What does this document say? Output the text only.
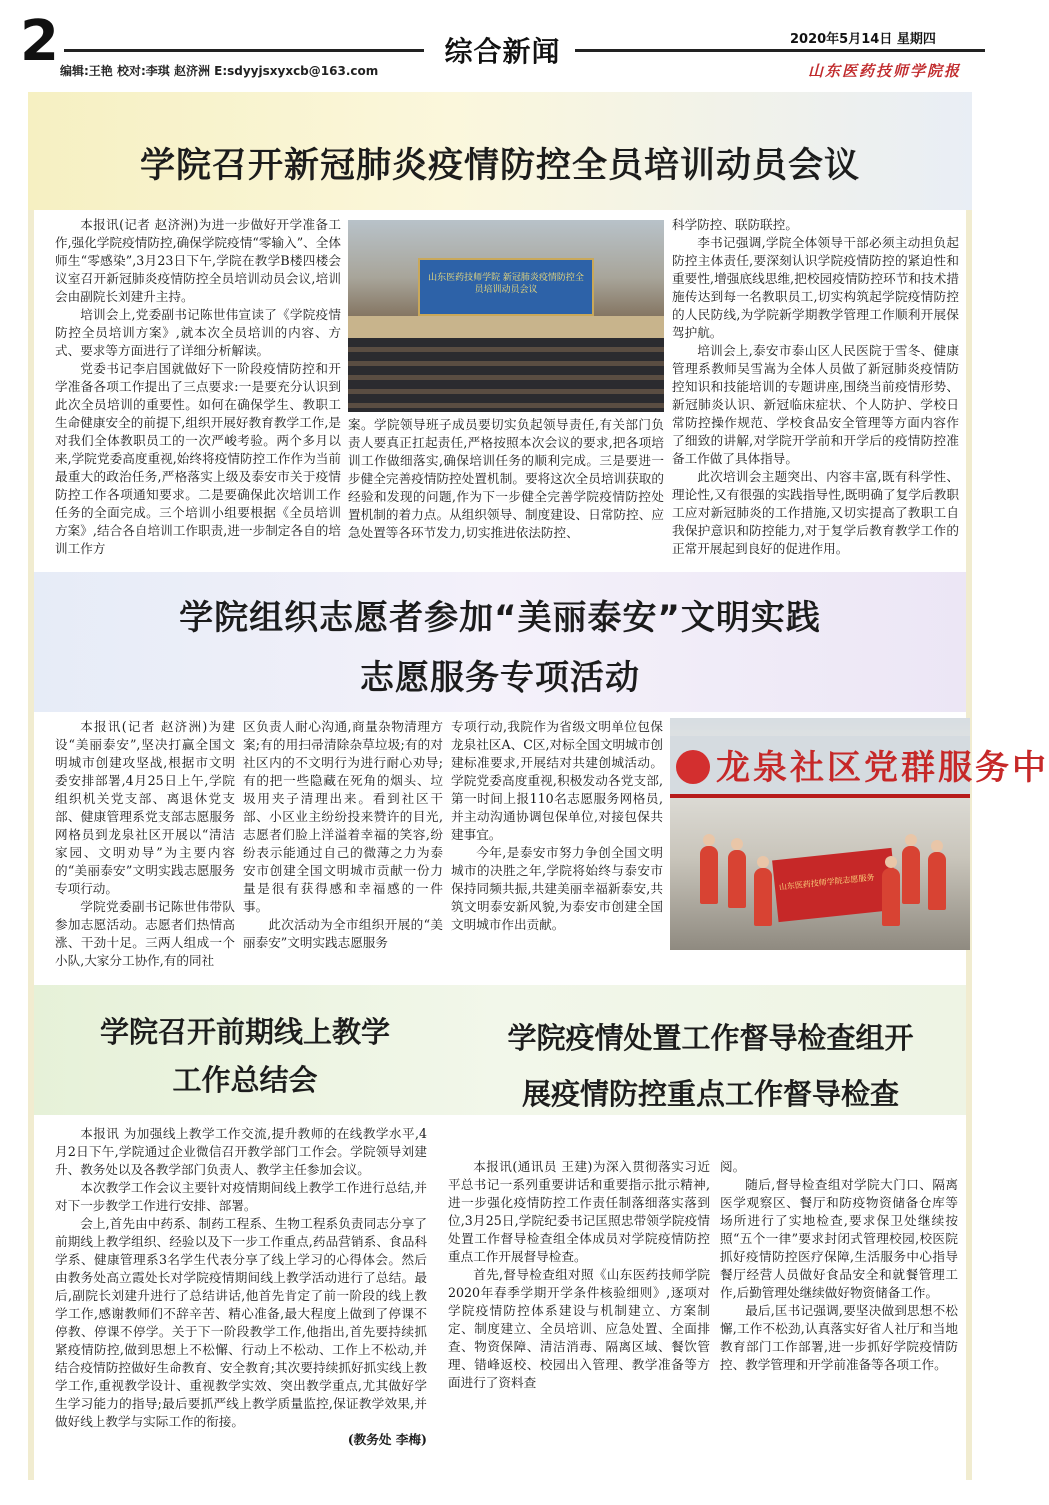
2	综合新闻
编辑:王艳 校对:李琪 赵济洲 E:sdyyjsxyxcb@163.com
2020年5月14日 星期四
山东医药技师学院报
学院召开新冠肺炎疫情防控全员培训动员会议

本报讯(记者 赵济洲)为进一步做好开学准备工作,强化学院疫情防控,确保学院疫情“零输入”、全体师生“零感染”,3月23日下午,学院在教学B楼四楼会议室召开新冠肺炎疫情防控全员培训动员会议,培训会由副院长刘建升主持。

培训会上,党委副书记陈世伟宣读了《学院疫情防控全员培训方案》,就本次全员培训的内容、方式、要求等方面进行了详细分析解读。

党委书记李启国就做好下一阶段疫情防控和开学准备各项工作提出了三点要求:一是要充分认识到此次全员培训的重要性。如何在确保学生、教职工生命健康安全的前提下,组织开展好教育教学工作,是对我们全体教职员工的一次严峻考验。两个多月以来,学院党委高度重视,始终将疫情防控工作作为当前最重大的政治任务,严格落实上级及泰安市关于疫情防控工作各项通知要求。二是要确保此次培训工作任务的全面完成。三个培训小组要根据《全员培训方案》,结合各自培训工作职责,进一步制定各自的培训工作方

山东医药技师学院 新冠肺炎疫情防控全员培训动员会议

案。学院领导班子成员要切实负起领导责任,有关部门负责人要真正扛起责任,严格按照本次会议的要求,把各项培训工作做细落实,确保培训任务的顺利完成。三是要进一步健全完善疫情防控处置机制。要将这次全员培训获取的经验和发现的问题,作为下一步健全完善学院疫情防控处置机制的着力点。从组织领导、制度建设、日常防控、应急处置等各环节发力,切实推进依法防控、

科学防控、联防联控。

李书记强调,学院全体领导干部必须主动担负起防控主体责任,要深刻认识学院疫情防控的紧迫性和重要性,增强底线思维,把校园疫情防控环节和技术措施传达到每一名教职员工,切实构筑起学院疫情防控的人民防线,为学院新学期教学管理工作顺利开展保驾护航。

培训会上,泰安市泰山区人民医院于雪冬、健康管理系教师吴雪嵩为全体人员做了新冠肺炎疫情防控知识和技能培训的专题讲座,围绕当前疫情形势、新冠肺炎认识、新冠临床症状、个人防护、学校日常防控操作规范、学校食品安全管理等方面内容作了细致的讲解,对学院开学前和开学后的疫情防控准备工作做了具体指导。

此次培训会主题突出、内容丰富,既有科学性、理论性,又有很强的实践指导性,既明确了复学后教职工应对新冠肺炎的工作措施,又切实提高了教职工自我保护意识和防控能力,对于复学后教育教学工作的正常开展起到良好的促进作用。

学院组织志愿者参加“美丽泰安”文明实践
志愿服务专项活动

本报讯(记者 赵济洲)为建设“美丽泰安”,坚决打赢全国文明城市创建攻坚战,根据市文明委安排部署,4月25日上午,学院组织机关党支部、离退休党支部、健康管理系党支部志愿服务网格员到龙泉社区开展以“清洁家园、文明劝导”为主要内容的“美丽泰安”文明实践志愿服务专项行动。

学院党委副书记陈世伟带队参加志愿活动。志愿者们热情高涨、干劲十足。三两人组成一个小队,大家分工协作,有的同社

区负责人耐心沟通,商量杂物清理方案;有的用扫帚清除杂草垃圾;有的对社区内的不文明行为进行耐心劝导;有的把一些隐藏在死角的烟头、垃圾用夹子清理出来。看到社区干部、小区业主纷纷投来赞许的目光,志愿者们脸上洋溢着幸福的笑容,纷纷表示能通过自己的微薄之力为泰安市创建全国文明城市贡献一份力量是很有获得感和幸福感的一件事。

此次活动为全市组织开展的“美丽泰安”文明实践志愿服务

专项行动,我院作为省级文明单位包保龙泉社区A、C区,对标全国文明城市创建标准要求,开展结对共建创城活动。学院党委高度重视,积极发动各党支部,第一时间上报110名志愿服务网格员,并主动沟通协调包保单位,对接包保共建事宜。

今年,是泰安市努力争创全国文明城市的决胜之年,学院将始终与泰安市保持同频共振,共建美丽幸福新泰安,共筑文明泰安新风貌,为泰安市创建全国文明城市作出贡献。

龙泉社区党群服务中
山东医药技师学院志愿服务
学院召开前期线上教学
工作总结会

本报讯 为加强线上教学工作交流,提升教师的在线教学水平,4月2日下午,学院通过企业微信召开教学部门工作会。学院领导刘建升、教务处以及各教学部门负责人、教学主任参加会议。

本次教学工作会议主要针对疫情期间线上教学工作进行总结,并对下一步教学工作进行安排、部署。

会上,首先由中药系、制药工程系、生物工程系负责同志分享了前期线上教学组织、经验以及下一步工作重点,药品营销系、食品科学系、健康管理系3名学生代表分享了线上学习的心得体会。然后由教务处高立霞处长对学院疫情期间线上教学活动进行了总结。最后,副院长刘建升进行了总结讲话,他首先肯定了前一阶段的线上教学工作,感谢教师们不辞辛苦、精心准备,最大程度上做到了停课不停教、停课不停学。关于下一阶段教学工作,他指出,首先要持续抓紧疫情防控,做到思想上不松懈、行动上不松动、工作上不松动,并结合疫情防控做好生命教育、安全教育;其次要持续抓好抓实线上教学工作,重视教学设计、重视教学实效、突出教学重点,尤其做好学生学习能力的指导;最后要抓严线上教学质量监控,保证教学效果,并做好线上教学与实际工作的衔接。

(教务处 李梅)

学院疫情处置工作督导检查组开
展疫情防控重点工作督导检查

本报讯(通讯员 王建)为深入贯彻落实习近平总书记一系列重要讲话和重要指示批示精神,进一步强化疫情防控工作责任制落细落实落到位,3月25日,学院纪委书记匡照忠带领学院疫情处置工作督导检查组全体成员对学院疫情防控重点工作开展督导检查。

首先,督导检查组对照《山东医药技师学院2020年春季学期开学条件核验细则》,逐项对学院疫情防控体系建设与机制建立、方案制定、制度建立、全员培训、应急处置、全面排查、物资保障、清洁消毒、隔离区域、餐饮管理、错峰返校、校园出入管理、教学准备等方面进行了资料查

阅。

随后,督导检查组对学院大门口、隔离医学观察区、餐厅和防疫物资储备仓库等场所进行了实地检查,要求保卫处继续按照“五个一律”要求封闭式管理校园,校医院抓好疫情防控医疗保障,生活服务中心指导餐厅经营人员做好食品安全和就餐管理工作,后勤管理处继续做好物资储备工作。

最后,匡书记强调,要坚决做到思想不松懈,工作不松劲,认真落实好省人社厅和当地教育部门工作部署,进一步抓好学院疫情防控、教学管理和开学前准备等各项工作。
